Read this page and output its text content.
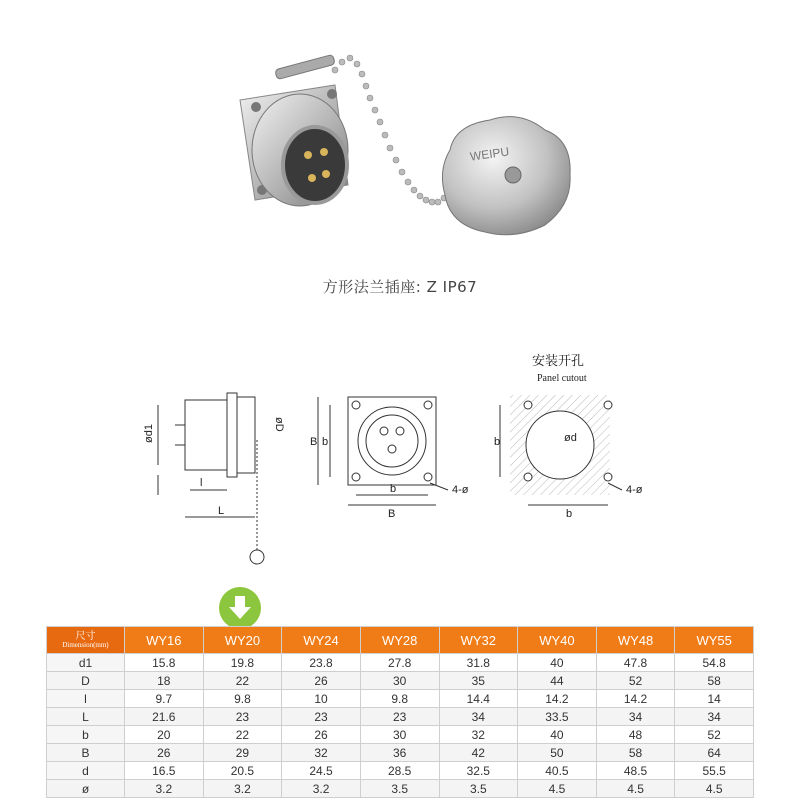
WEIPU
方形法兰插座: Z IP67
ød1	øD
l
L
B b
b
B
4-ø
安装开孔
Panel cutout
b	ød
b
4-ø
尺寸
Dimension(mm)	WY16	WY20	WY24	WY28	WY32	WY40	WY48	WY55
d1	15.8	19.8	23.8	27.8	31.8	40	47.8	54.8
D	18	22	26	30	35	44	52	58
l	9.7	9.8	10	9.8	14.4	14.2	14.2	14
L	21.6	23	23	23	34	33.5	34	34
b	20	22	26	30	32	40	48	52
B	26	29	32	36	42	50	58	64
d	16.5	20.5	24.5	28.5	32.5	40.5	48.5	55.5
ø	3.2	3.2	3.2	3.5	3.5	4.5	4.5	4.5
